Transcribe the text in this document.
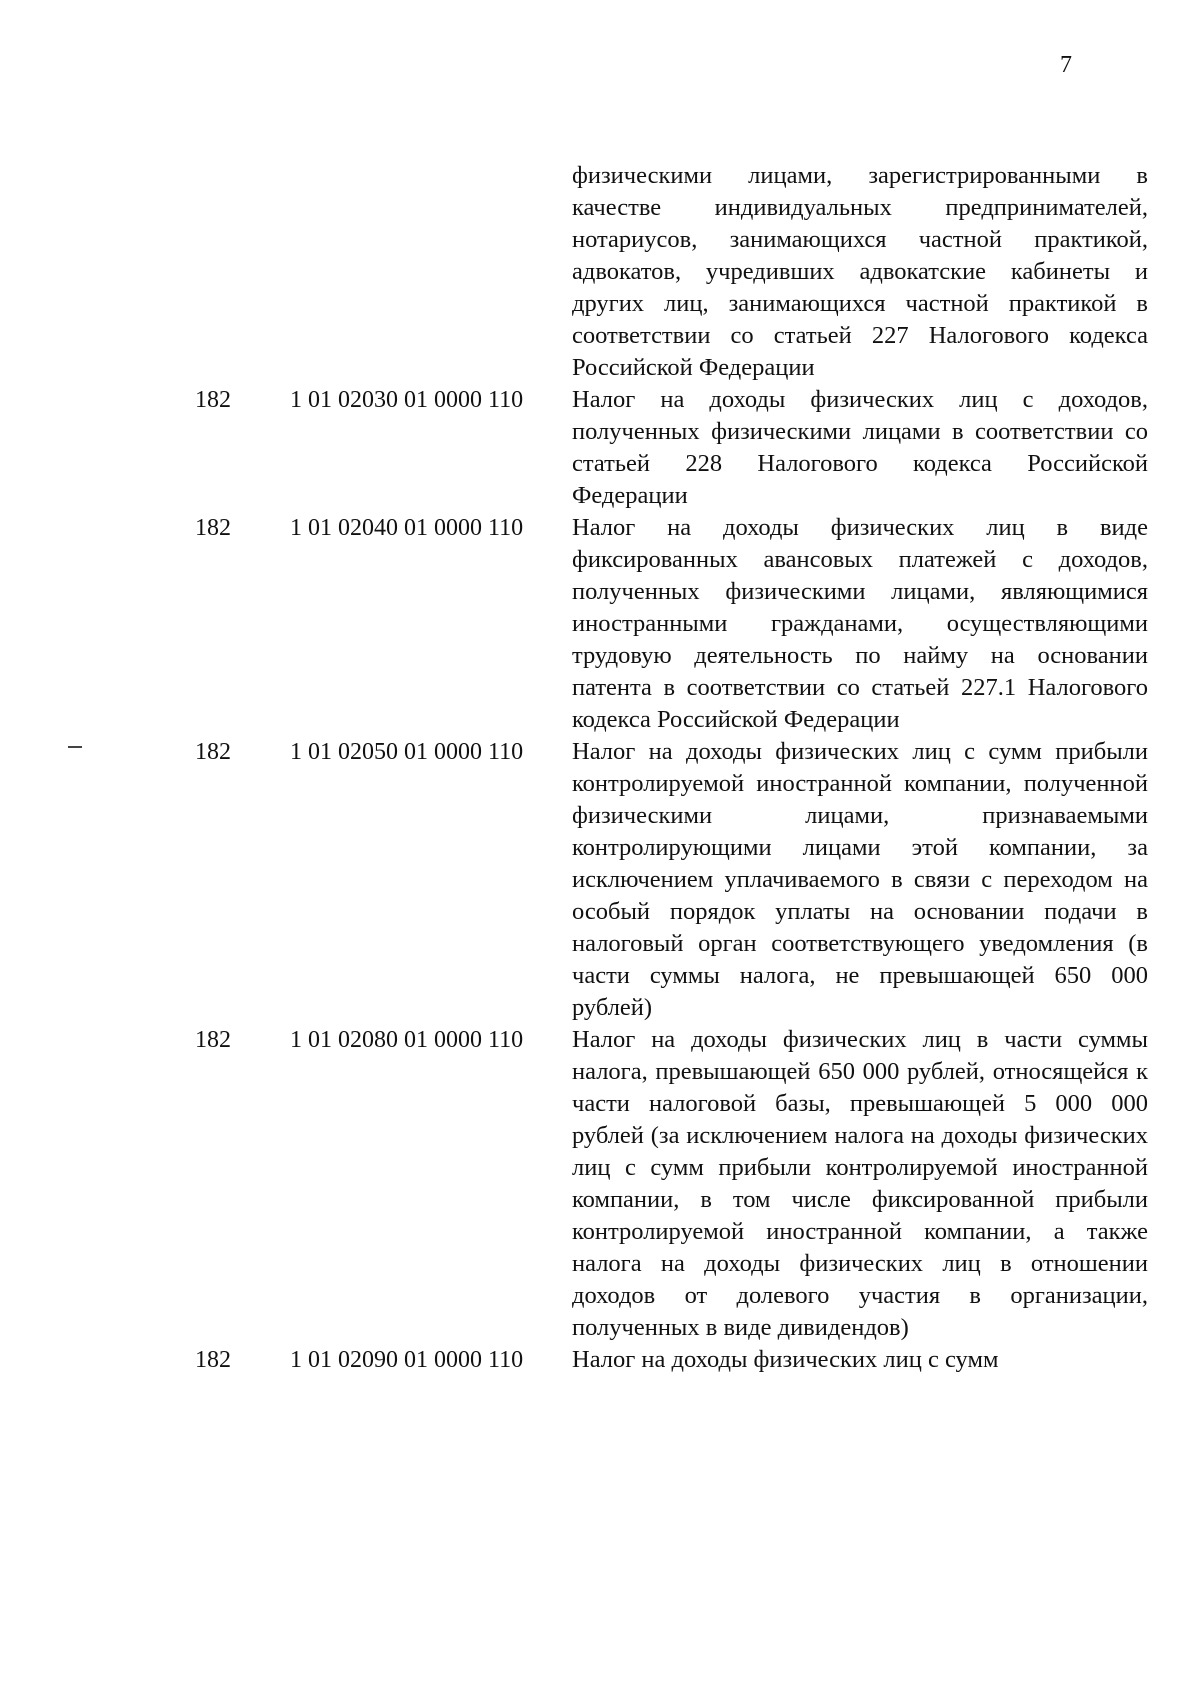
7
физическими лицами, зарегистрированными в качестве индивидуальных предпринимателей, нотариусов, занимающихся частной практикой, адвокатов, учредивших адвокатские кабинеты и других лиц, занимающихся частной практикой в соответствии со статьей 227 Налогового кодекса Российской Федерации
182 1 01 02030 01 0000 110 Налог на доходы физических лиц с доходов, полученных физическими лицами в соответствии со статьей 228 Налогового кодекса Российской Федерации
182 1 01 02040 01 0000 110 Налог на доходы физических лиц в виде фиксированных авансовых платежей с доходов, полученных физическими лицами, являющимися иностранными гражданами, осуществляющими трудовую деятельность по найму на основании патента в соответствии со статьей 227.1 Налогового кодекса Российской Федерации
182 1 01 02050 01 0000 110 Налог на доходы физических лиц с сумм прибыли контролируемой иностранной компании, полученной физическими лицами, признаваемыми контролирующими лицами этой компании, за исключением уплачиваемого в связи с переходом на особый порядок уплаты на основании подачи в налоговый орган соответствующего уведомления (в части суммы налога, не превышающей 650 000 рублей)
182 1 01 02080 01 0000 110 Налог на доходы физических лиц в части суммы налога, превышающей 650 000 рублей, относящейся к части налоговой базы, превышающей 5 000 000 рублей (за исключением налога на доходы физических лиц с сумм прибыли контролируемой иностранной компании, в том числе фиксированной прибыли контролируемой иностранной компании, а также налога на доходы физических лиц в отношении доходов от долевого участия в организации, полученных в виде дивидендов)
182 1 01 02090 01 0000 110 Налог на доходы физических лиц с сумм
